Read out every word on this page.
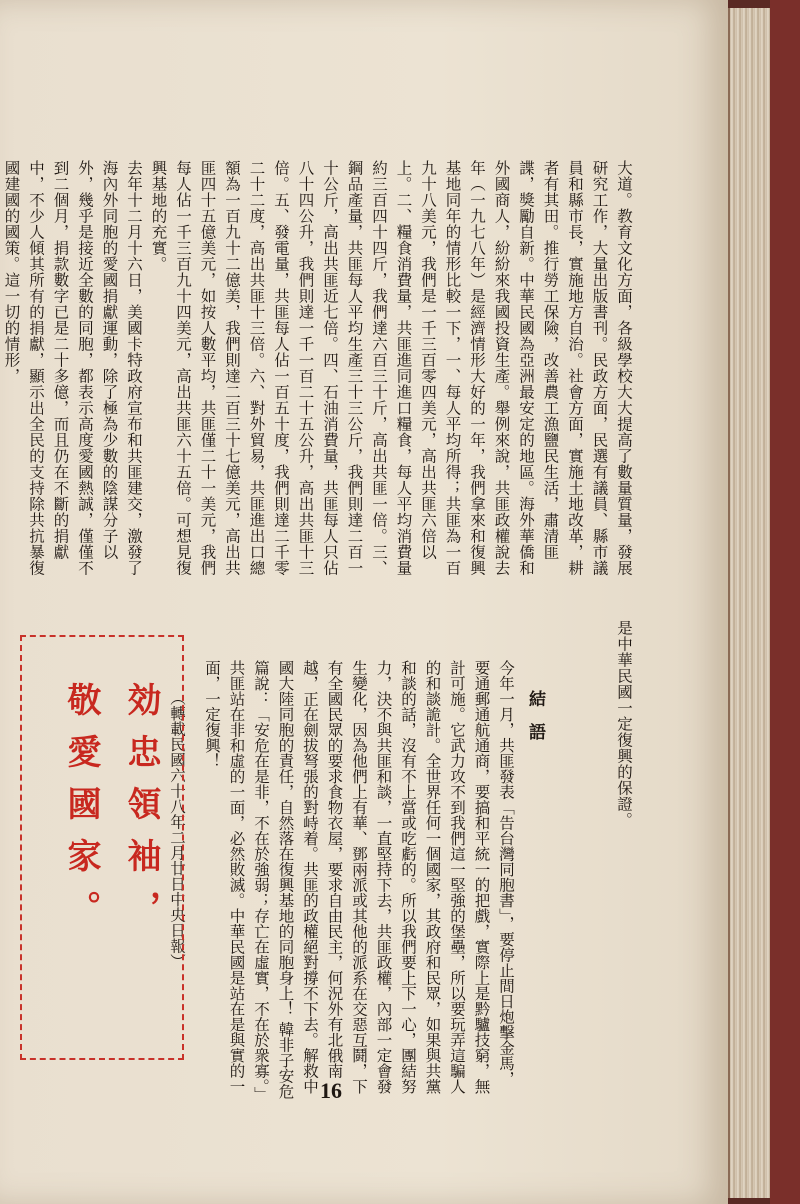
大道。教育文化方面，各級學校大大提高了數量質量，發展研究工作，大量出版書刊。民政方面，民選有議員、縣市議員和縣市長，實施地方自治。社會方面，實施土地改革，耕者有其田。推行勞工保險，改善農工漁鹽民生活，肅清匪諜，獎勵自新。中華民國為亞洲最安定的地區。海外華僑和外國商人，紛紛來我國投資生產。舉例來說，共匪政權說去年（一九七八年）是經濟情形大好的一年，我們拿來和復興基地同年的情形比較一下，一、每人平均所得；共匪為一百九十八美元，我們是一千三百零四美元，高出共匪六倍以上。二、糧食消費量，共匪進同進口糧食，每人平均消費量約三百四十四斤，我們達六百三十斤，高出共匪一倍。三、鋼品產量，共匪每人平均生產三十三公斤，我們則達二百一十公斤，高出共匪近七倍。四、石油消費量，共匪每人只佔八十四公升，我們則達一千一百二十五公升，高出共匪十三倍。五、發電量，共匪每人佔一百五十度，我們則達二千零二十二度，高出共匪十三倍。六、對外貿易，共匪進出口總額為一百九十二億美，我們則達二百三十七億美元，高出共匪四十五億美元，如按人數平均，共匪僅二十一美元，我們每人佔一千三百九十四美元，高出共匪六十五倍。可想見復興基地的充實。
去年十二月十六日，美國卡特政府宣布和共匪建交，激發了海內外同胞的愛國捐獻運動，除了極為少數的陰謀分子以外，幾乎是接近全數的同胞，都表示高度愛國熱誠，僅僅不到二個月，捐款數字已是二十多億，而且仍在不斷的捐獻中，不少人傾其所有的捐獻，顯示出全民的支持除共抗暴復國建國的國策。這一切的情形，
是中華民國一定復興的保證。
結語
今年一月，共匪發表「告台灣同胞書」，要停止間日炮擊金馬，要通郵通航通商，要搞和平統一的把戲，實際上是黔驢技窮，無計可施。它武力攻不到我們這一堅強的堡壘，所以要玩弄這騙人的和談詭計。全世界任何一個國家，其政府和民眾，如果與共黨和談的話，沒有不上當或吃虧的。所以我們要上下一心，團結努力，決不與共匪和談，一直堅持下去，共匪政權，內部一定會發生變化，因為他們上有華、鄧兩派或其他的派系在交惡互鬪，下有全國民眾的要求食物衣屋，要求自由民主，何況外有北俄南越，正在劍拔弩張的對峙着。共匪的政權絕對撐不下去。解救中國大陸同胞的責任，自然落在復興基地的同胞身上！ 韓非子安危篇說：「安危在是非，不在於強弱；存亡在虛實，不在於衆寡。」共匪站在非和虛的一面，必然敗滅。中華民國是站在是與實的一面，一定復興！
（轉載民國六十八年二月廿日中央日報）
効忠領袖，
敬愛國家。
16
